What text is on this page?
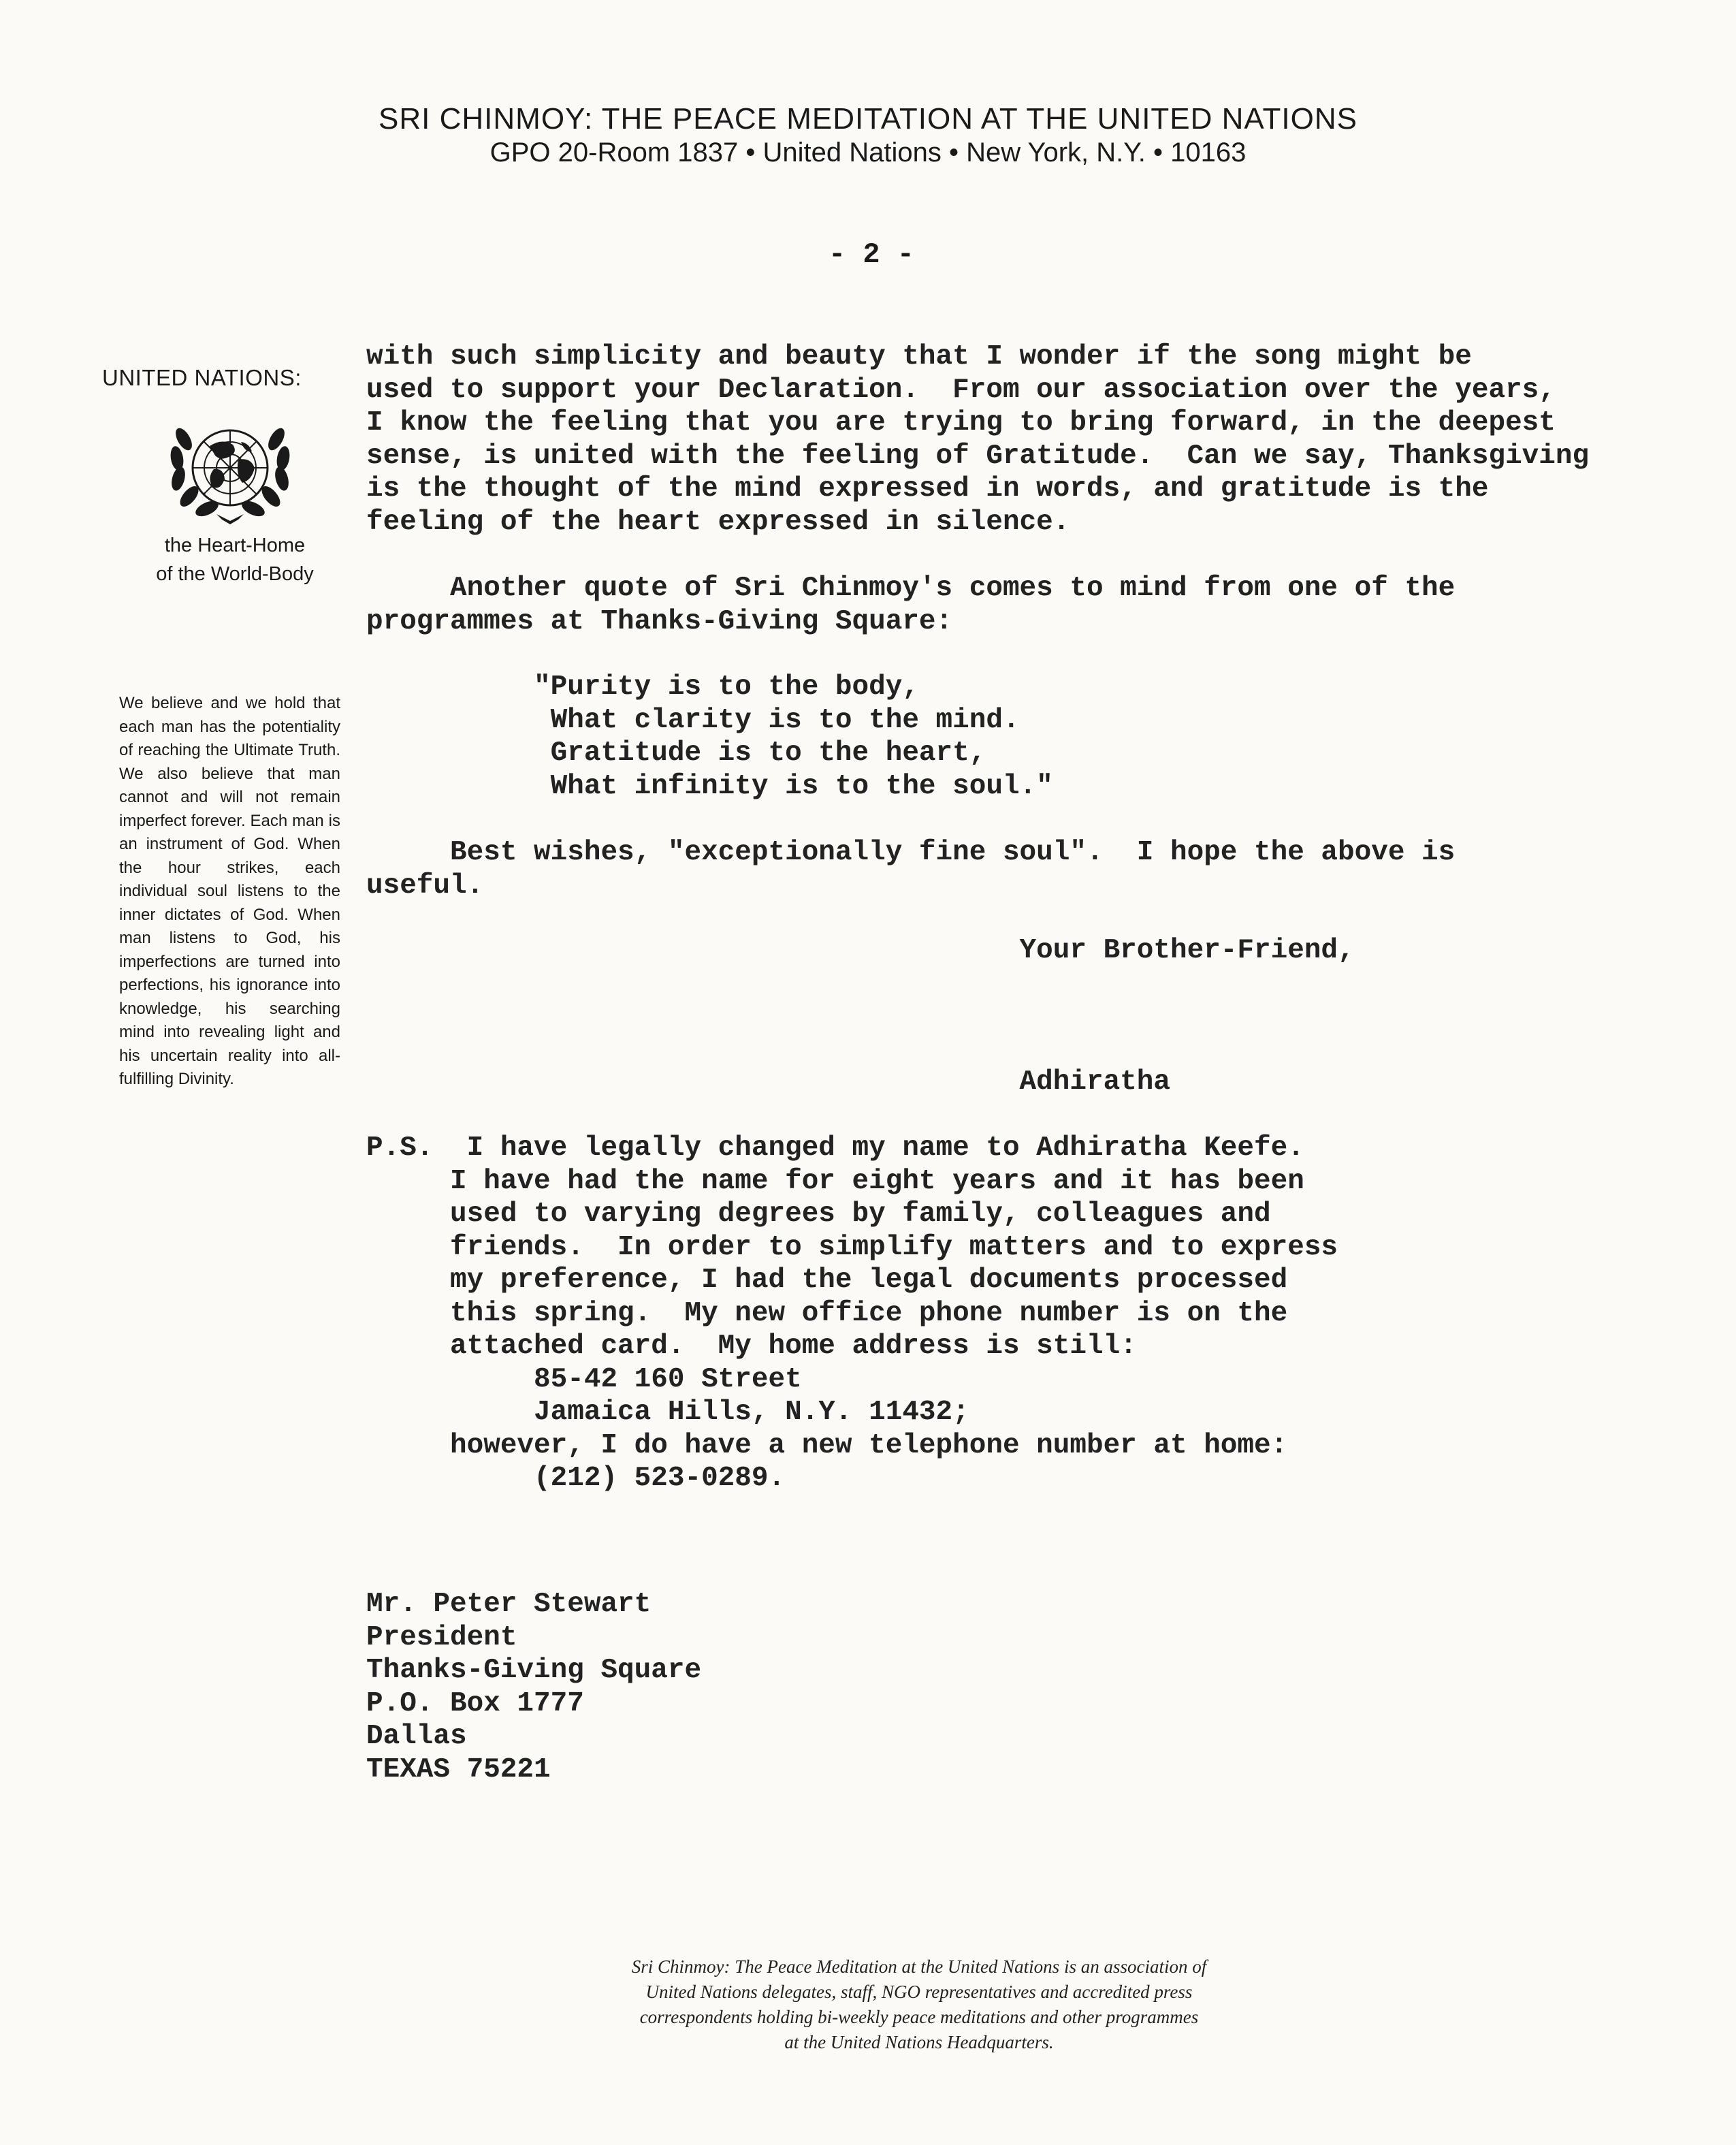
SRI CHINMOY: THE PEACE MEDITATION AT THE UNITED NATIONS
GPO 20-Room 1837 • United Nations • New York, N.Y. • 10163
- 2 -
UNITED NATIONS:
the Heart-Home
of the World-Body
We believe and we hold that each man has the potentiality of reaching the Ultimate Truth. We also believe that man cannot and will not remain imperfect forever. Each man is an instrument of God. When the hour strikes, each individual soul listens to the inner dictates of God. When man listens to God, his imperfections are turned into perfections, his ignorance into knowledge, his searching mind into revealing light and his uncertain reality into all-fulfilling Divinity.
with such simplicity and beauty that I wonder if the song might be
used to support your Declaration.  From our association over the years,
I know the feeling that you are trying to bring forward, in the deepest
sense, is united with the feeling of Gratitude.  Can we say, Thanksgiving
is the thought of the mind expressed in words, and gratitude is the
feeling of the heart expressed in silence.
Another quote of Sri Chinmoy's comes to mind from one of the
programmes at Thanks-Giving Square:
"Purity is to the body,
What clarity is to the mind.
Gratitude is to the heart,
What infinity is to the soul."
Best wishes, "exceptionally fine soul".  I hope the above is
useful.
Your Brother-Friend,
Adhiratha
P.S.  I have legally changed my name to Adhiratha Keefe.
I have had the name for eight years and it has been
used to varying degrees by family, colleagues and
friends.  In order to simplify matters and to express
my preference, I had the legal documents processed
this spring.  My new office phone number is on the
attached card.  My home address is still:
85-42 160 Street
Jamaica Hills, N.Y. 11432;
however, I do have a new telephone number at home:
(212) 523-0289.
Mr. Peter Stewart
President
Thanks-Giving Square
P.O. Box 1777
Dallas
TEXAS 75221
Sri Chinmoy: The Peace Meditation at the United Nations is an association of
United Nations delegates, staff, NGO representatives and accredited press
correspondents holding bi-weekly peace meditations and other programmes
at the United Nations Headquarters.
